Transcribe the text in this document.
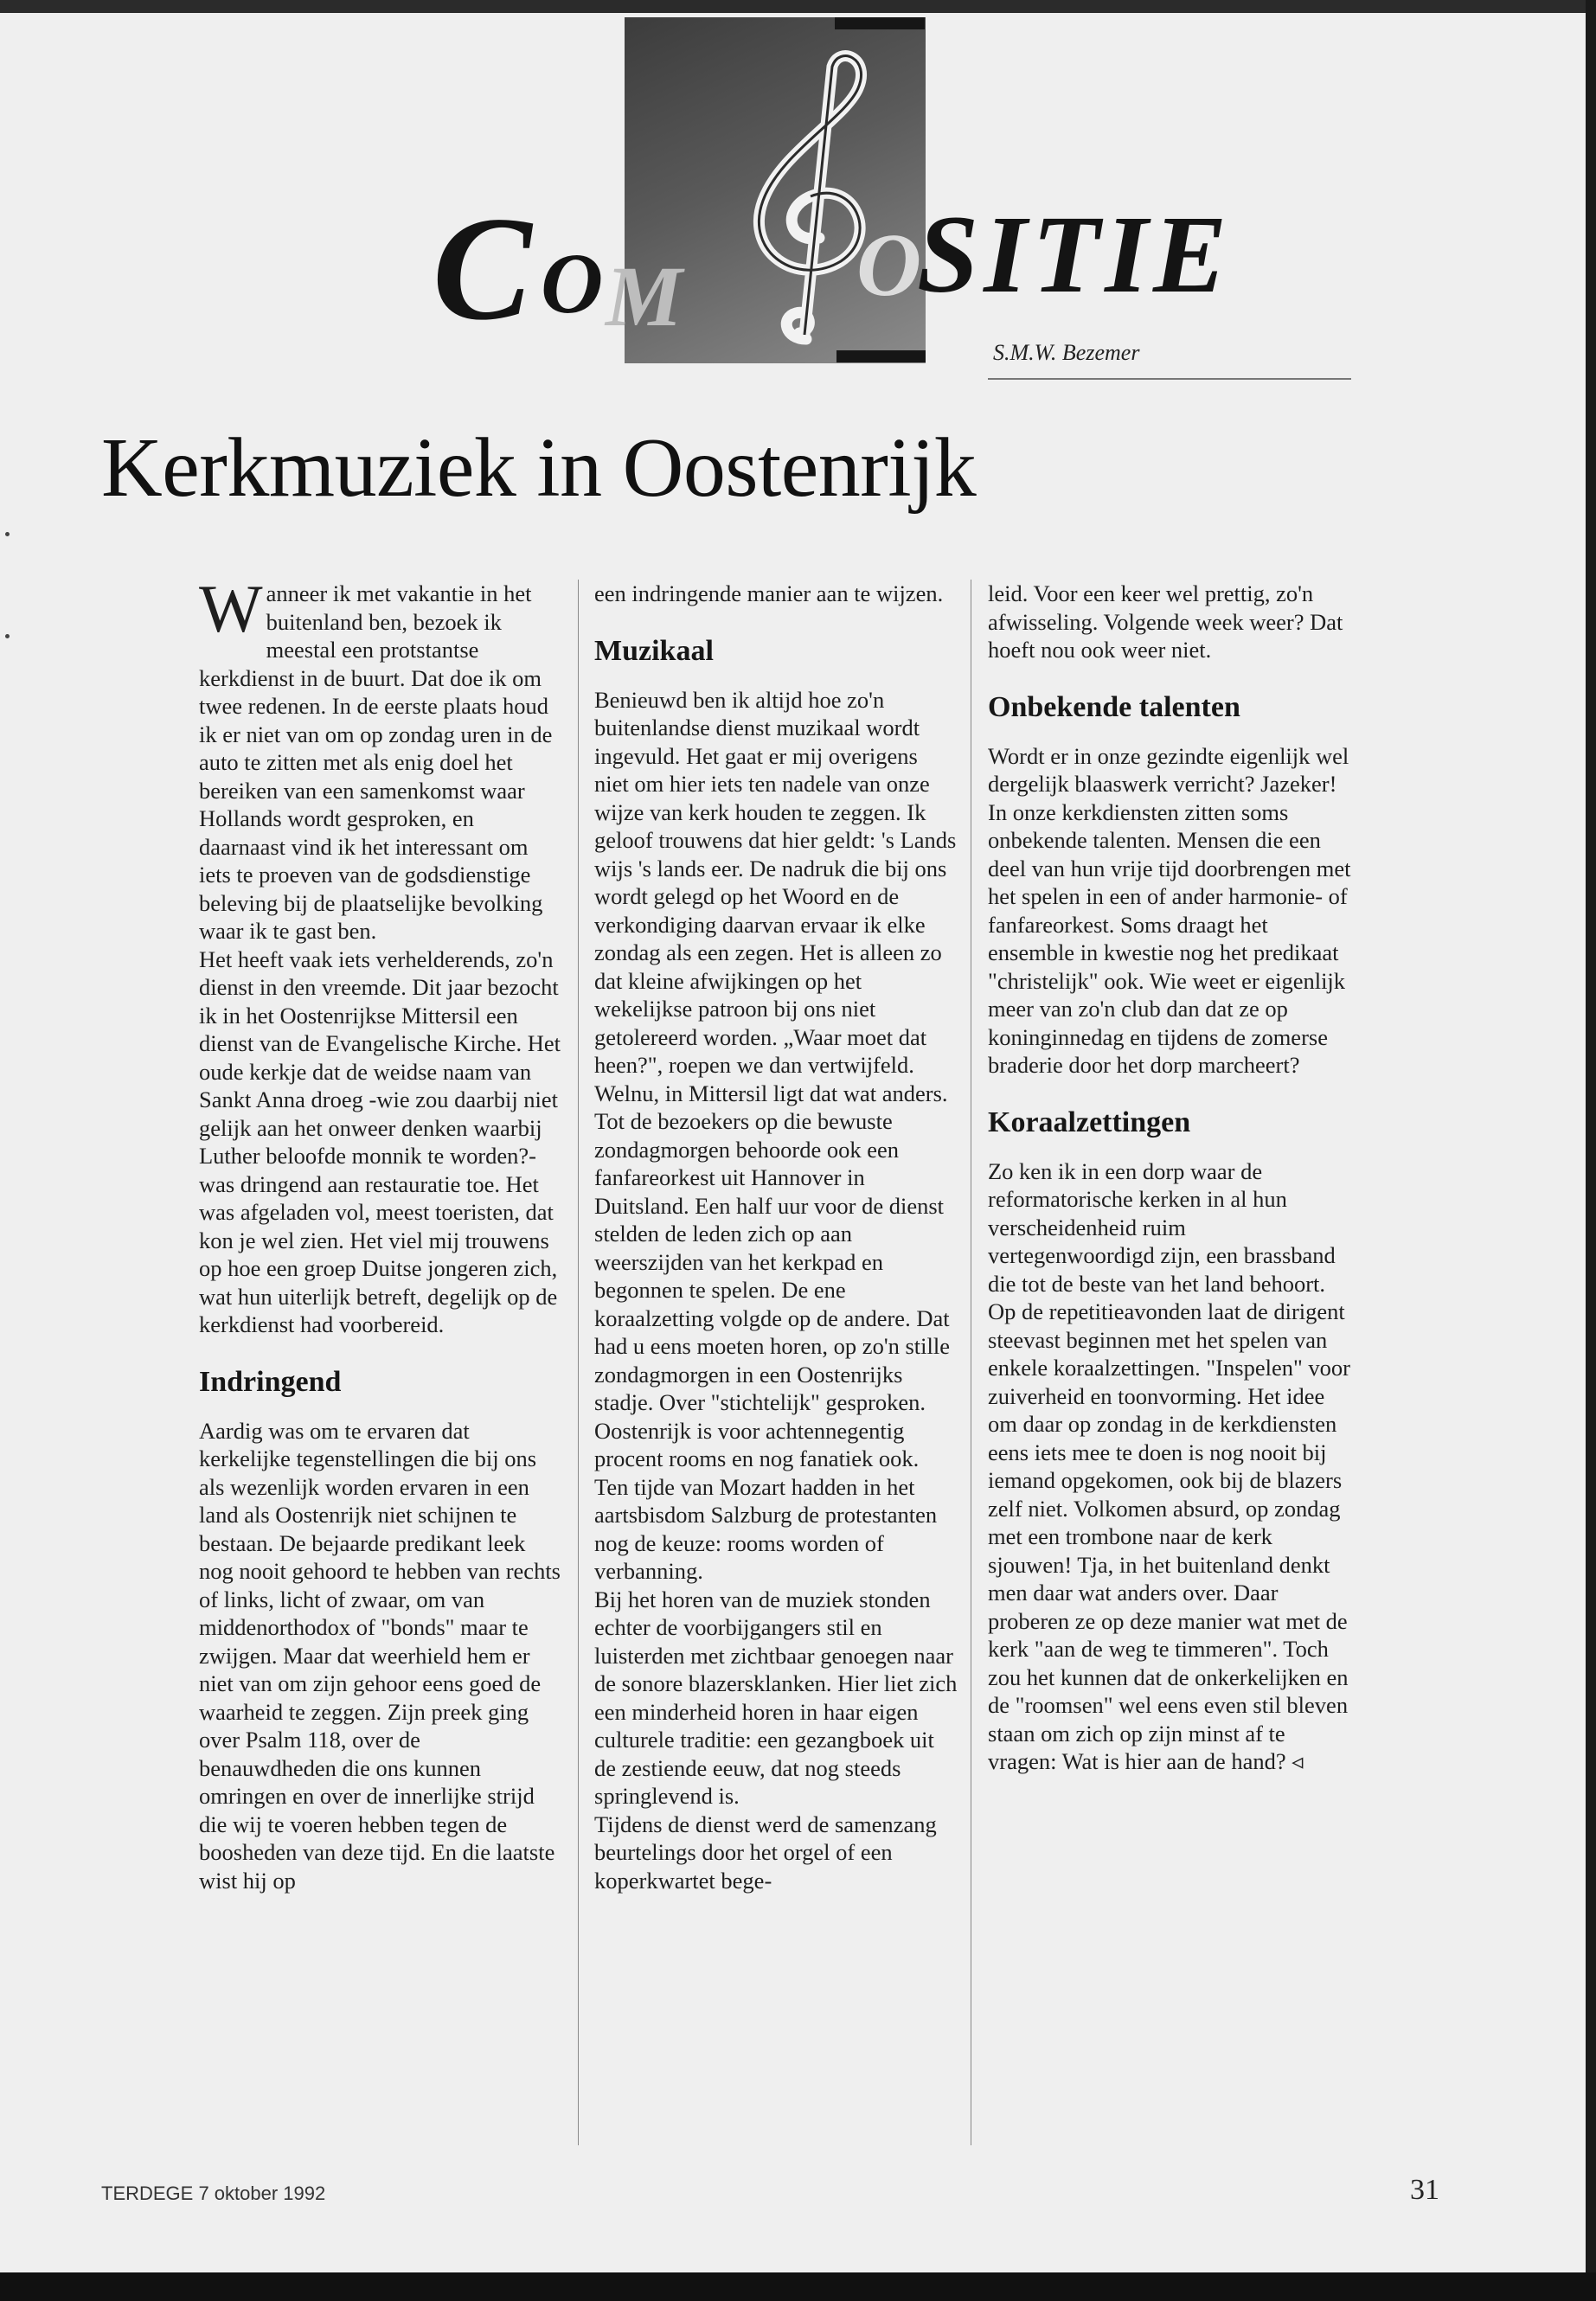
C O M O
SITIE
S.M.W. Bezemer
Kerkmuziek in Oostenrijk

Wanneer ik met vakantie in het buitenland ben, bezoek ik meestal een protstantse kerkdienst in de buurt. Dat doe ik om twee redenen. In de eerste plaats houd ik er niet van om op zondag uren in de auto te zitten met als enig doel het bereiken van een samenkomst waar Hollands wordt gesproken, en daarnaast vind ik het interessant om iets te proeven van de godsdienstige beleving bij de plaatselijke bevolking waar ik te gast ben.

Het heeft vaak iets verhelderends, zo'n dienst in den vreemde. Dit jaar bezocht ik in het Oostenrijkse Mittersil een dienst van de Evangelische Kirche. Het oude kerkje dat de weidse naam van Sankt Anna droeg -wie zou daarbij niet gelijk aan het onweer denken waarbij Luther beloofde monnik te worden?- was dringend aan restauratie toe. Het was afgeladen vol, meest toeristen, dat kon je wel zien. Het viel mij trouwens op hoe een groep Duitse jongeren zich, wat hun uiterlijk betreft, degelijk op de kerkdienst had voorbereid.

Indringend

Aardig was om te ervaren dat kerkelijke tegenstellingen die bij ons als wezenlijk worden ervaren in een land als Oostenrijk niet schijnen te bestaan. De bejaarde predikant leek nog nooit gehoord te hebben van rechts of links, licht of zwaar, om van middenorthodox of "bonds" maar te zwijgen. Maar dat weerhield hem er niet van om zijn gehoor eens goed de waarheid te zeggen. Zijn preek ging over Psalm 118, over de benauwdheden die ons kunnen omringen en over de innerlijke strijd die wij te voeren hebben tegen de boosheden van deze tijd. En die laatste wist hij op

een indringende manier aan te wijzen.

Muzikaal

Benieuwd ben ik altijd hoe zo'n buitenlandse dienst muzikaal wordt ingevuld. Het gaat er mij overigens niet om hier iets ten nadele van onze wijze van kerk houden te zeggen. Ik geloof trouwens dat hier geldt: 's Lands wijs 's lands eer. De nadruk die bij ons wordt gelegd op het Woord en de verkondiging daarvan ervaar ik elke zondag als een zegen. Het is alleen zo dat kleine afwijkingen op het wekelijkse patroon bij ons niet getolereerd worden. „Waar moet dat heen?", roepen we dan vertwijfeld.

Welnu, in Mittersil ligt dat wat anders. Tot de bezoekers op die bewuste zondagmorgen behoorde ook een fanfareorkest uit Hannover in Duitsland. Een half uur voor de dienst stelden de leden zich op aan weerszijden van het kerkpad en begonnen te spelen. De ene koraalzetting volgde op de andere. Dat had u eens moeten horen, op zo'n stille zondagmorgen in een Oostenrijks stadje. Over "stichtelijk" gesproken. Oostenrijk is voor achtennegentig procent rooms en nog fanatiek ook. Ten tijde van Mozart hadden in het aartsbisdom Salzburg de protestanten nog de keuze: rooms worden of verbanning.

Bij het horen van de muziek stonden echter de voorbijgangers stil en luisterden met zichtbaar genoegen naar de sonore blazersklanken. Hier liet zich een minderheid horen in haar eigen culturele traditie: een gezangboek uit de zestiende eeuw, dat nog steeds springlevend is.

Tijdens de dienst werd de samenzang beurtelings door het orgel of een koperkwartet bege-

leid. Voor een keer wel prettig, zo'n afwisseling. Volgende week weer? Dat hoeft nou ook weer niet.

Onbekende talenten

Wordt er in onze gezindte eigenlijk wel dergelijk blaaswerk verricht? Jazeker! In onze kerkdiensten zitten soms onbekende talenten. Mensen die een deel van hun vrije tijd doorbrengen met het spelen in een of ander harmonie- of fanfareorkest. Soms draagt het ensemble in kwestie nog het predikaat "christelijk" ook. Wie weet er eigenlijk meer van zo'n club dan dat ze op koninginnedag en tijdens de zomerse braderie door het dorp marcheert?

Koraalzettingen

Zo ken ik in een dorp waar de reformatorische kerken in al hun verscheidenheid ruim vertegenwoordigd zijn, een brassband die tot de beste van het land behoort. Op de repetitieavonden laat de dirigent steevast beginnen met het spelen van enkele koraalzettingen. "Inspelen" voor zuiverheid en toonvorming. Het idee om daar op zondag in de kerkdiensten eens iets mee te doen is nog nooit bij iemand opgekomen, ook bij de blazers zelf niet. Volkomen absurd, op zondag met een trombone naar de kerk sjouwen! Tja, in het buitenland denkt men daar wat anders over. Daar proberen ze op deze manier wat met de kerk "aan de weg te timmeren". Toch zou het kunnen dat de onkerkelijken en de "roomsen" wel eens even stil bleven staan om zich op zijn minst af te vragen: Wat is hier aan de hand? ◃

TERDEGE 7 oktober 1992	31
